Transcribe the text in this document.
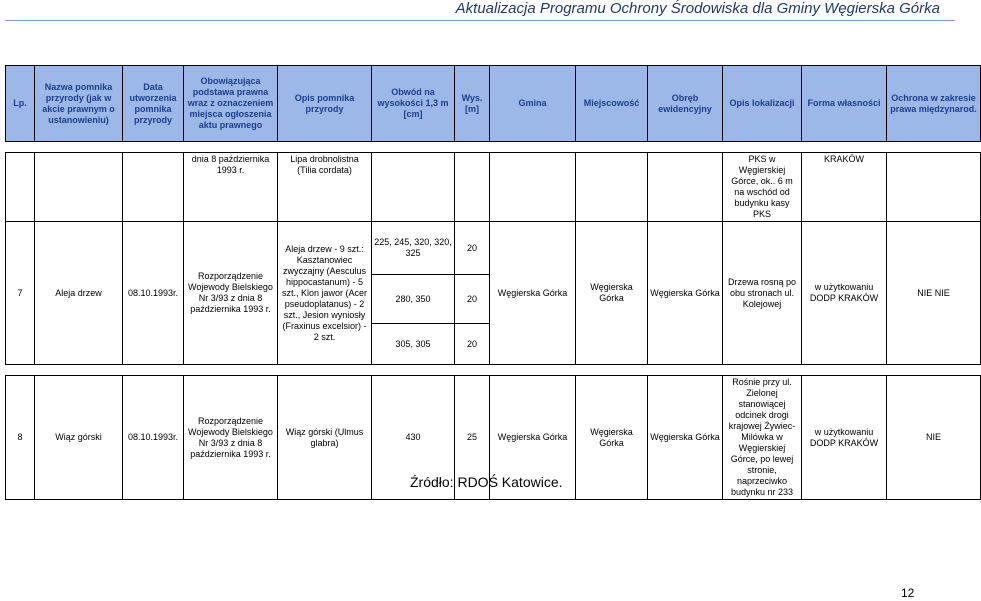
Aktualizacja Programu Ochrony Środowiska dla Gminy Węgierska Górka
Lp.	Nazwa pomnika przyrody (jak w akcie prawnym o ustanowieniu)	Data utworzenia pomnika przyrody	Obowiązująca podstawa prawna wraz z oznaczeniem miejsca ogłoszenia aktu prawnego	Opis pomnika przyrody	Obwód na wysokości 1,3 m [cm]	Wys. [m]	Gmina	Miejscowość	Obręb ewidencyjny	Opis lokalizacji	Forma własności	Ochrona w zakresie prawa międzynarod.

			dnia 8 października 1993 r.	Lipa drobnolistna (Tilia cordata)						PKS w Węgierskiej Górce, ok.. 6 m na wschód od budynku kasy PKS	KRAKÓW	
7	Aleja drzew	08.10.1993r.	Rozporządzenie Wojewody Bielskiego Nr 3/93 z dnia 8 października 1993 r.	Aleja drzew - 9 szt.: Kasztanowiec zwyczajny (Aesculus hippocastanum) - 5 szt., Klon jawor (Acer pseudoplatanus) - 2 szt., Jesion wyniosły (Fraxinus excelsior) - 2 szt.	225, 245, 320, 320, 325	20	Węgierska Górka	Węgierska Górka	Węgierska Górka	Drzewa rosną po obu stronach ul. Kolejowej	w użytkowaniu DODP KRAKÓW	NIE NIE
					280, 350	20						
					305, 305	20						

8	Wiąz górski	08.10.1993r.	Rozporządzenie Wojewody Bielskiego Nr 3/93 z dnia 8 października 1993 r.	Wiąz górski (Ulmus glabra)	430	25	Węgierska Górka	Węgierska Górka	Węgierska Górka	Rośnie przy ul. Zielonej stanowiącej odcinek drogi krajowej Żywiec-Milówka w Węgierskiej Górce, po lewej stronie, naprzeciwko budynku nr 233	w użytkowaniu DODP KRAKÓW	NIE
Źródło: RDOŚ Katowice.
12
